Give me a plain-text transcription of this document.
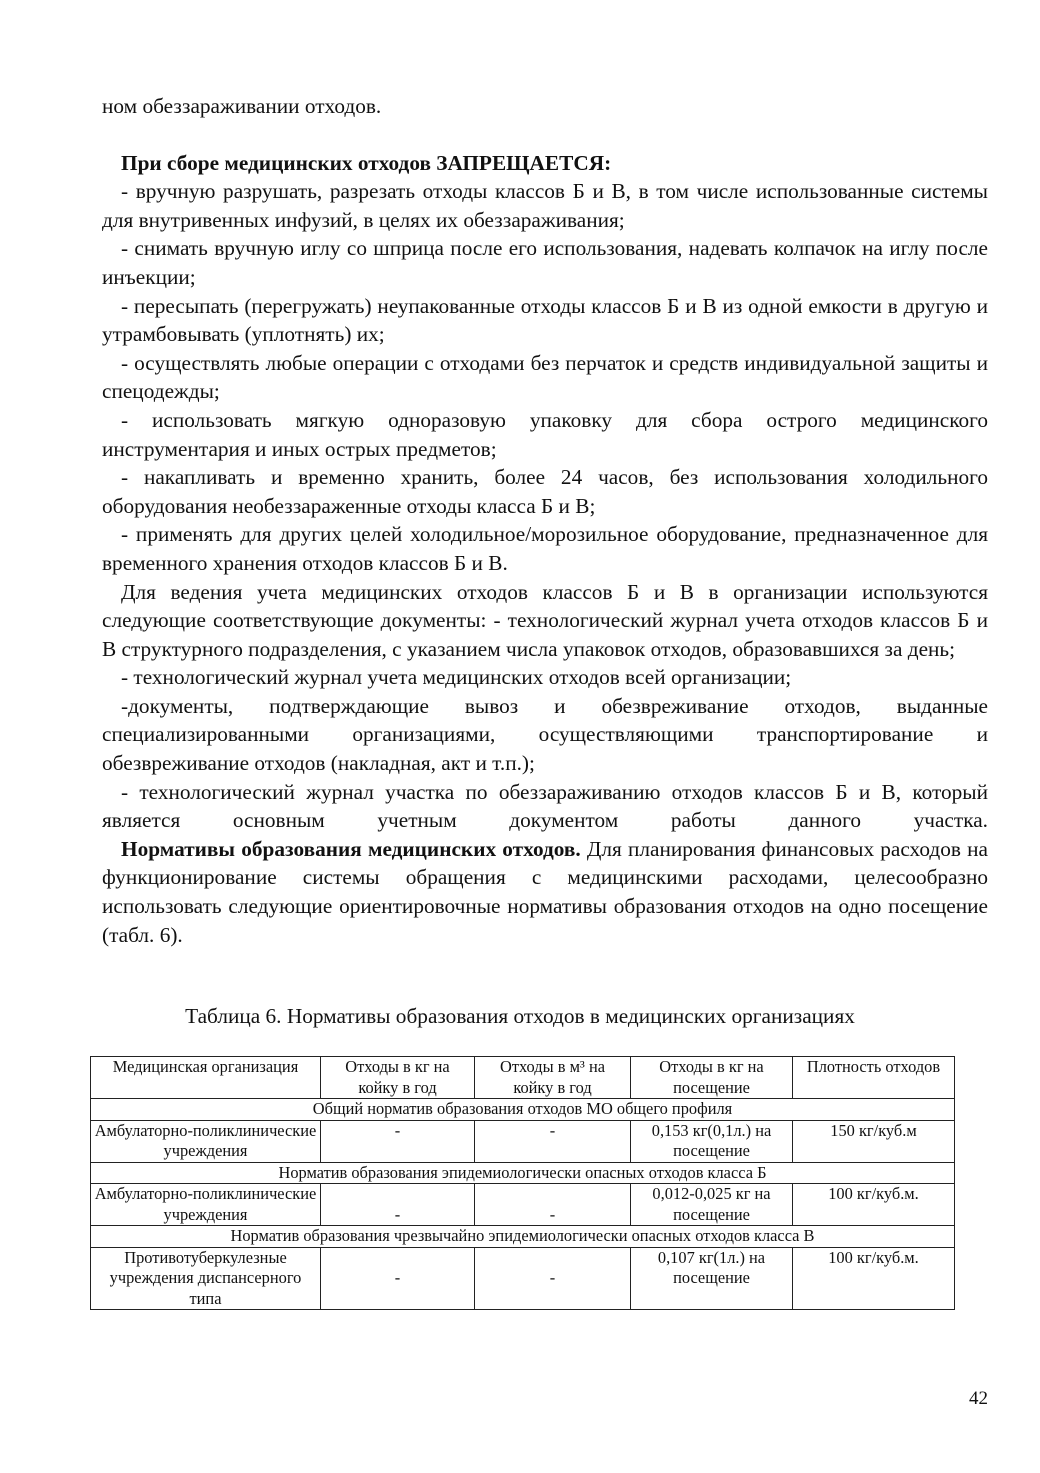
ном обеззараживании отходов.

При сборе медицинских отходов ЗАПРЕЩАЕТСЯ:

- вручную разрушать, разрезать отходы классов Б и В, в том числе использованные системы для внутривенных инфузий, в целях их обеззараживания;

- снимать вручную иглу со шприца после его использования, надевать колпачок на иглу после инъекции;

- пересыпать (перегружать) неупакованные отходы классов Б и В из одной емкости в другую и утрамбовывать (уплотнять) их;

- осуществлять любые операции с отходами без перчаток и средств индивидуальной защиты и спецодежды;

- использовать мягкую одноразовую упаковку для сбора острого медицинского инструментария и иных острых предметов;

- накапливать и временно хранить, более 24 часов, без использования холодильного оборудования необеззараженные отходы класса Б и В;

- применять для других целей холодильное/морозильное оборудование, предназначенное для временного хранения отходов классов Б и В.

Для ведения учета медицинских отходов классов Б и В в организации используются следующие соответствующие документы: - технологический журнал учета отходов классов Б и В структурного подразделения, с указанием числа упаковок отходов, образовавшихся за день;

- технологический журнал учета медицинских отходов всей организации;

-документы, подтверждающие вывоз и обезвреживание отходов, выданные специализированными организациями, осуществляющими транспортирование и обезвреживание отходов (накладная, акт и т.п.);

- технологический журнал участка по обеззараживанию отходов классов Б и В, который является основным учетным документом работы данного участка.

Нормативы образования медицинских отходов. Для планирования финансовых расходов на функционирование системы обращения с медицинскими расходами, целесообразно использовать следующие ориентировочные нормативы образования отходов на одно посещение (табл. 6).

Таблица 6. Нормативы образования отходов в медицинских организациях
Медицинская организация	Отходы в кг на койку в год	Отходы в м³ на койку в год	Отходы в кг на посещение	Плотность отходов
Общий норматив образования отходов МО общего профиля				
Амбулаторно-поликлинические учреждения	-	-	0,153 кг(0,1л.) на посещение	150 кг/куб.м
Норматив образования эпидемиологически опасных отходов класса Б				
Амбулаторно-поликлинические учреждения	-	-	0,012-0,025 кг на посещение	100 кг/куб.м.
Норматив образования чрезвычайно эпидемиологически опасных отходов класса В				
Противотуберкулезные учреждения диспансерного типа	-	-	0,107 кг(1л.) на посещение	100 кг/куб.м.
42
